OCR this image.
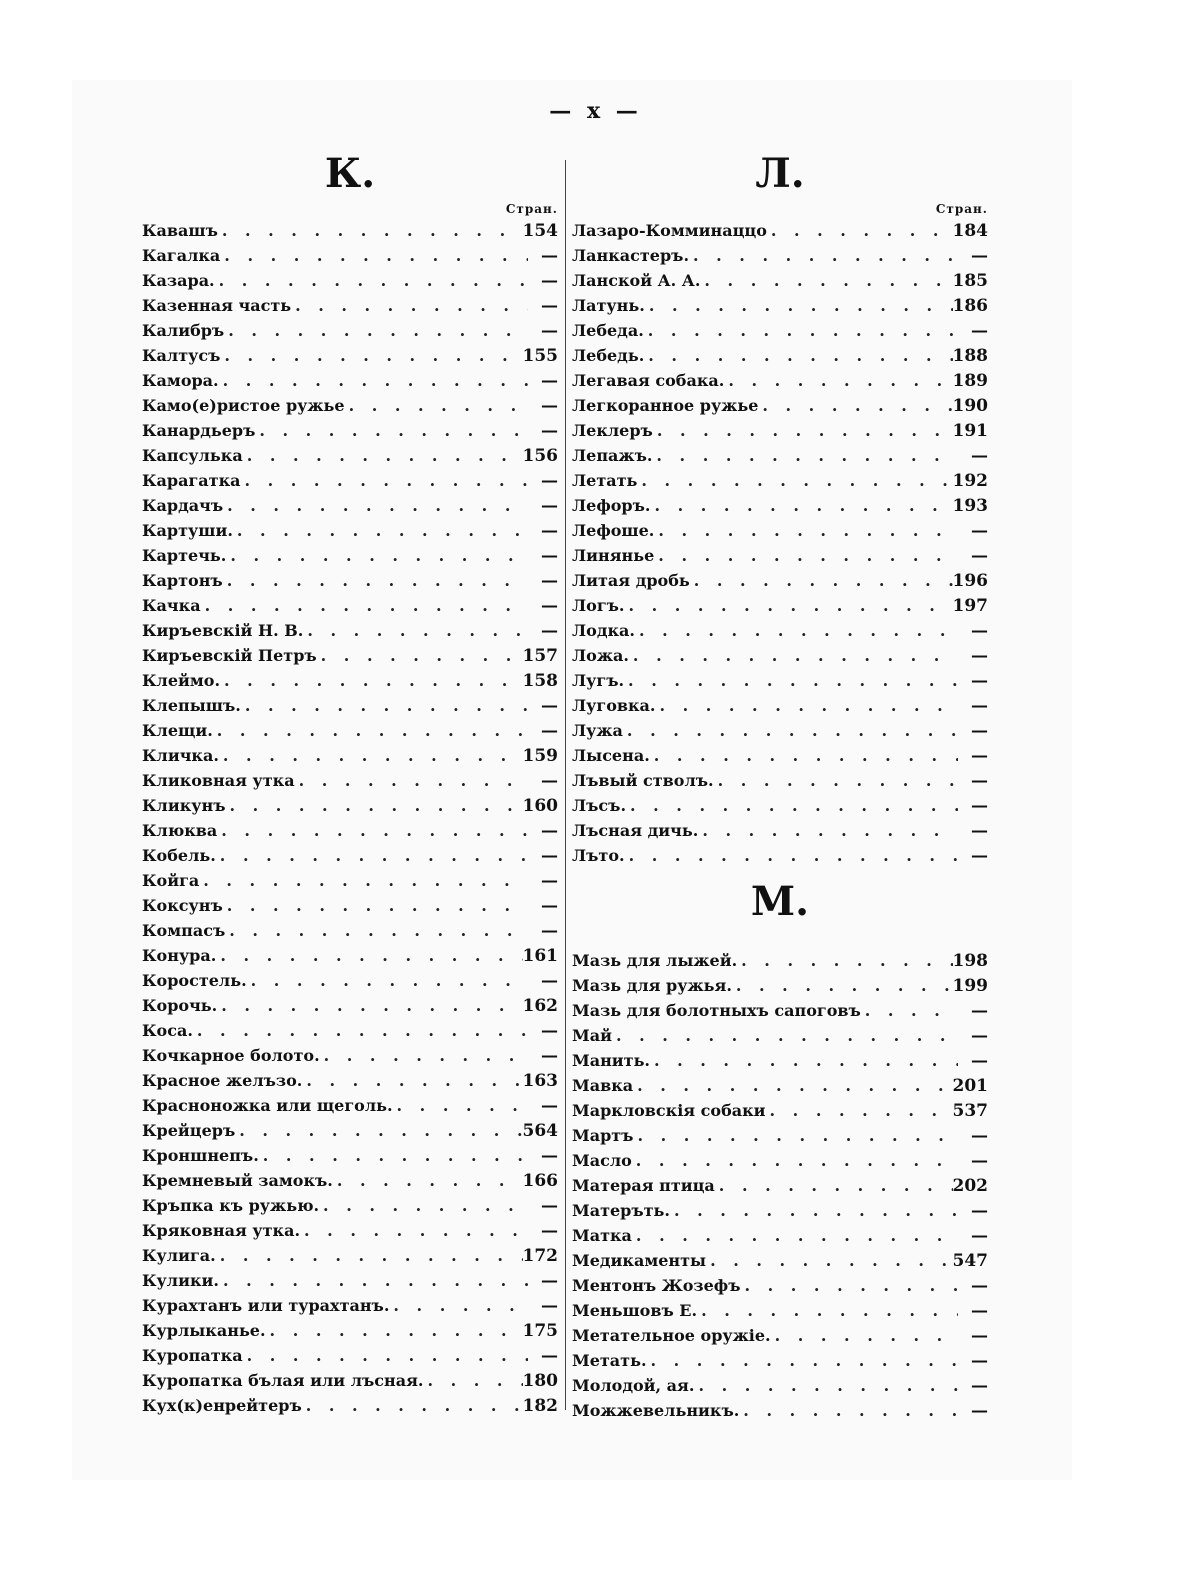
— x —
К.
Стран.
Кавашъ . . .	154
Кагалка . . .	—
Казара. . . .	—
Казенная часть . . .	—
Калибръ . . .	—
Калтусъ . . .	155
Камора. . . .	—
Камо(е)ристое ружье . . .	—
Канардьеръ . . .	—
Капсулька . . .	156
Карагатка . . .	—
Кардачъ . . .	—
Картуши. . . .	—
Картечь. . . .	—
Картонъ . . .	—
Качка . . .	—
Киръевскій Н. В. . . .	—
Киръевскій Петръ . . .	157
Клеймо. . . .	158
Клепышъ. . . .	—
Клещи. . . .	—
Кличка. . . .	159
Кликовная утка . . .	—
Кликунъ . . .	160
Клюква . . .	—
Кобель. . . .	—
Койга . . .	—
Коксунъ . . .	—
Компасъ . . .	—
Конура. . . .	161
Коростель. . . .	—
Корочь. . . .	162
Коса. . . .	—
Кочкарное болото. . . .	—
Красное желъзо. . . .	163
Красноножка или щеголь. . . .	—
Крейцеръ . . .	564
Кроншнепъ. . . .	—
Кремневый замокъ. . . .	166
Кръпка къ ружью. . . .	—
Кряковная утка. . . .	—
Кулига. . . .	172
Кулики. . . .	—
Курахтанъ или турахтанъ. . . .	—
Курлыканье. . . .	175
Куропатка . . .	—
Куропатка бълая или лъсная. . . .	180
Кух(к)енрейтеръ . . .	182
Л.
Стран.
Лазаро-Комминаццо . . .	184
Ланкастеръ. . . .	—
Ланской А. А. . . .	185
Латунь. . . .	186
Лебеда. . . .	—
Лебедь. . . .	188
Легавая собака. . . .	189
Легкоранное ружье . . .	190
Леклеръ . . .	191
Лепажъ. . . .	—
Летать . . .	192
Лефоръ. . . .	193
Лефоше. . . .	—
Линянье . . .	—
Литая дробь . . .	196
Логъ. . . .	197
Лодка. . . .	—
Ложа. . . .	—
Лугъ. . . .	—
Луговка. . . .	—
Лужа . . .	—
Лысена. . . .	—
Лъвый стволъ. . . .	—
Лъсъ. . . .	—
Лъсная дичь. . . .	—
Лъто. . . .	—
М.
Мазь для лыжей. . . .	198
Мазь для ружья. . . .	199
Мазь для болотныхъ сапоговъ . . .	—
Май . . .	—
Манить. . . .	—
Мавка . . .	201
Маркловскія собаки . . .	537
Мартъ . . .	—
Масло . . .	—
Матерая птица . . .	202
Матеръть. . . .	—
Матка . . .	—
Медикаменты . . .	547
Ментонъ Жозефъ . . .	—
Меньшовъ Е. . . .	—
Метательное оружіе. . . .	—
Метать. . . .	—
Молодой, ая. . . .	—
Можжевельникъ. . . .	—
